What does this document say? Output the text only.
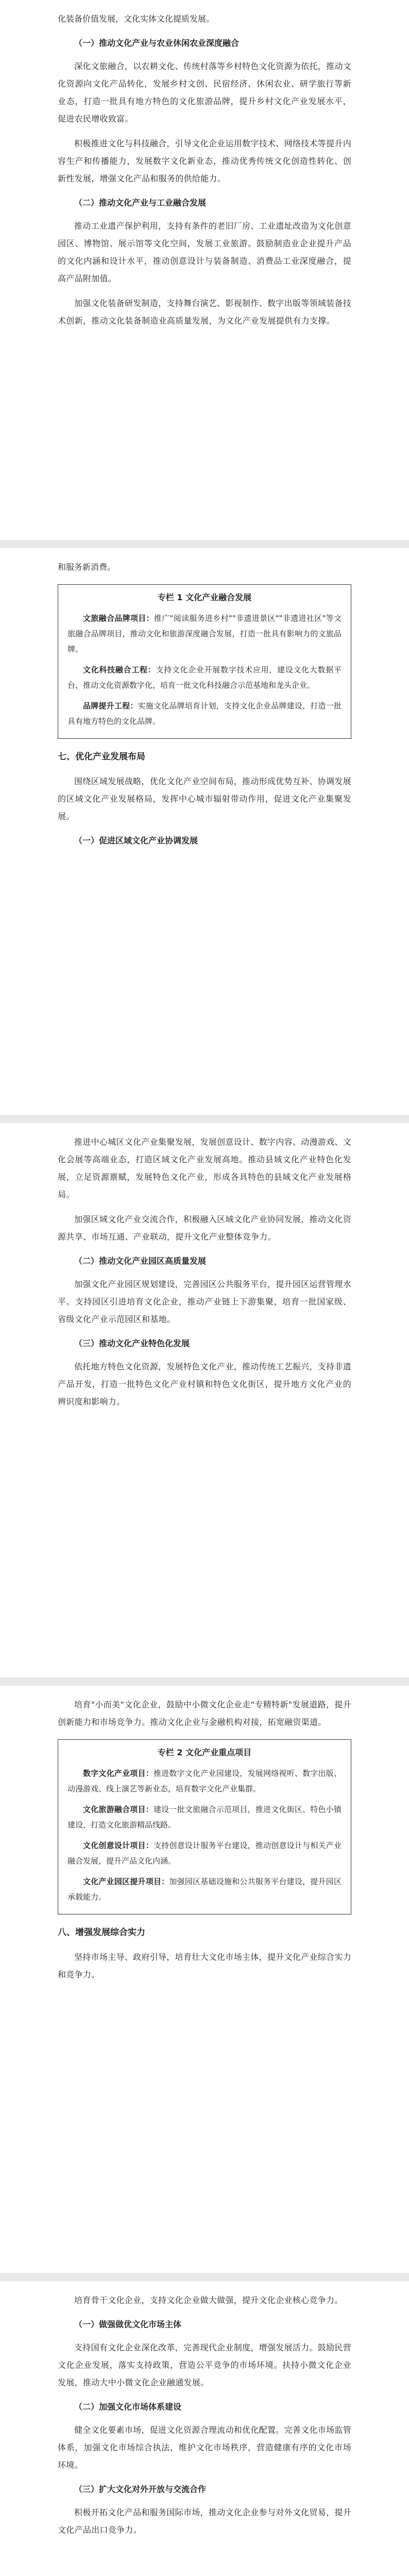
化装备价值发展，文化实体文化提质发展。

（一）推动文化产业与农业休闲农业深度融合

深化文旅融合，以农耕文化、传统村落等乡村特色文化资源为依托，推动文化资源向文化产品转化，发展乡村文创、民宿经济、休闲农业、研学旅行等新业态，打造一批具有地方特色的文化旅游品牌，提升乡村文化产业发展水平，促进农民增收致富。

积极推进文化与科技融合，引导文化企业运用数字技术、网络技术等提升内容生产和传播能力，发展数字文化新业态，推动优秀传统文化创造性转化、创新性发展，增强文化产品和服务的供给能力。

（二）推动文化产业与工业融合发展

推动工业遗产保护利用，支持有条件的老旧厂房、工业遗址改造为文化创意园区、博物馆、展示馆等文化空间，发展工业旅游。鼓励制造业企业提升产品的文化内涵和设计水平，推动创意设计与装备制造、消费品工业深度融合，提高产品附加值。

加强文化装备研发制造，支持舞台演艺、影视制作、数字出版等领域装备技术创新，推动文化装备制造业高质量发展，为文化产业发展提供有力支撑。

和服务新消费。

专栏 1 文化产业融合发展

文旅融合品牌项目：推广"阅读服务进乡村""非遗进景区""非遗进社区"等文旅融合品牌项目，推动文化和旅游深度融合发展，打造一批具有影响力的文旅品牌。

文化科技融合工程：支持文化企业开展数字技术应用，建设文化大数据平台，推动文化资源数字化，培育一批文化科技融合示范基地和龙头企业。

品牌提升工程：实施文化品牌培育计划，支持文化企业品牌建设，打造一批具有地方特色的文化品牌。

七、优化产业发展布局

围绕区域发展战略，优化文化产业空间布局，推动形成优势互补、协调发展的区域文化产业发展格局，发挥中心城市辐射带动作用，促进文化产业集聚发展。

（一）促进区域文化产业协调发展

推进中心城区文化产业集聚发展，发展创意设计、数字内容、动漫游戏、文化会展等高端业态，打造区域文化产业发展高地。推动县域文化产业特色化发展，立足资源禀赋，发展特色文化产业，形成各具特色的县域文化产业发展格局。

加强区域文化产业交流合作，积极融入区域文化产业协同发展，推动文化资源共享、市场互通、产业联动，提升文化产业整体竞争力。

（二）推动文化产业园区高质量发展

加强文化产业园区规划建设，完善园区公共服务平台，提升园区运营管理水平。支持园区引进培育文化企业，推动产业链上下游集聚，培育一批国家级、省级文化产业示范园区和基地。

（三）推动文化产业特色化发展

依托地方特色文化资源，发展特色文化产业，推动传统工艺振兴，支持非遗产品开发，打造一批特色文化产业村镇和特色文化街区，提升地方文化产业的辨识度和影响力。

培育"小而美"文化企业，鼓励中小微文化企业走"专精特新"发展道路，提升创新能力和市场竞争力。推动文化企业与金融机构对接，拓宽融资渠道。

专栏 2 文化产业重点项目

数字文化产业项目：推进数字文化产业园建设，发展网络视听、数字出版、动漫游戏、线上演艺等新业态，培育数字文化产业集群。

文化旅游融合项目：建设一批文旅融合示范项目，推进文化街区、特色小镇建设，打造文化旅游精品线路。

文化创意设计项目：支持创意设计服务平台建设，推动创意设计与相关产业融合发展，提升产品文化内涵。

文化产业园区提升项目：加强园区基础设施和公共服务平台建设，提升园区承载能力。

八、增强发展综合实力

坚持市场主导、政府引导，培育壮大文化市场主体，提升文化产业综合实力和竞争力。

培育骨干文化企业，支持文化企业做大做强，提升文化企业核心竞争力。

（一）做强做优文化市场主体

支持国有文化企业深化改革，完善现代企业制度，增强发展活力。鼓励民营文化企业发展，落实支持政策，营造公平竞争的市场环境。扶持小微文化企业发展，推动大中小微文化企业融通发展。

（二）加强文化市场体系建设

健全文化要素市场，促进文化资源合理流动和优化配置。完善文化市场监管体系，加强文化市场综合执法，维护文化市场秩序，营造健康有序的文化市场环境。

（三）扩大文化对外开放与交流合作

积极开拓文化产品和服务国际市场，推动文化企业参与对外文化贸易，提升文化产品出口竞争力。
